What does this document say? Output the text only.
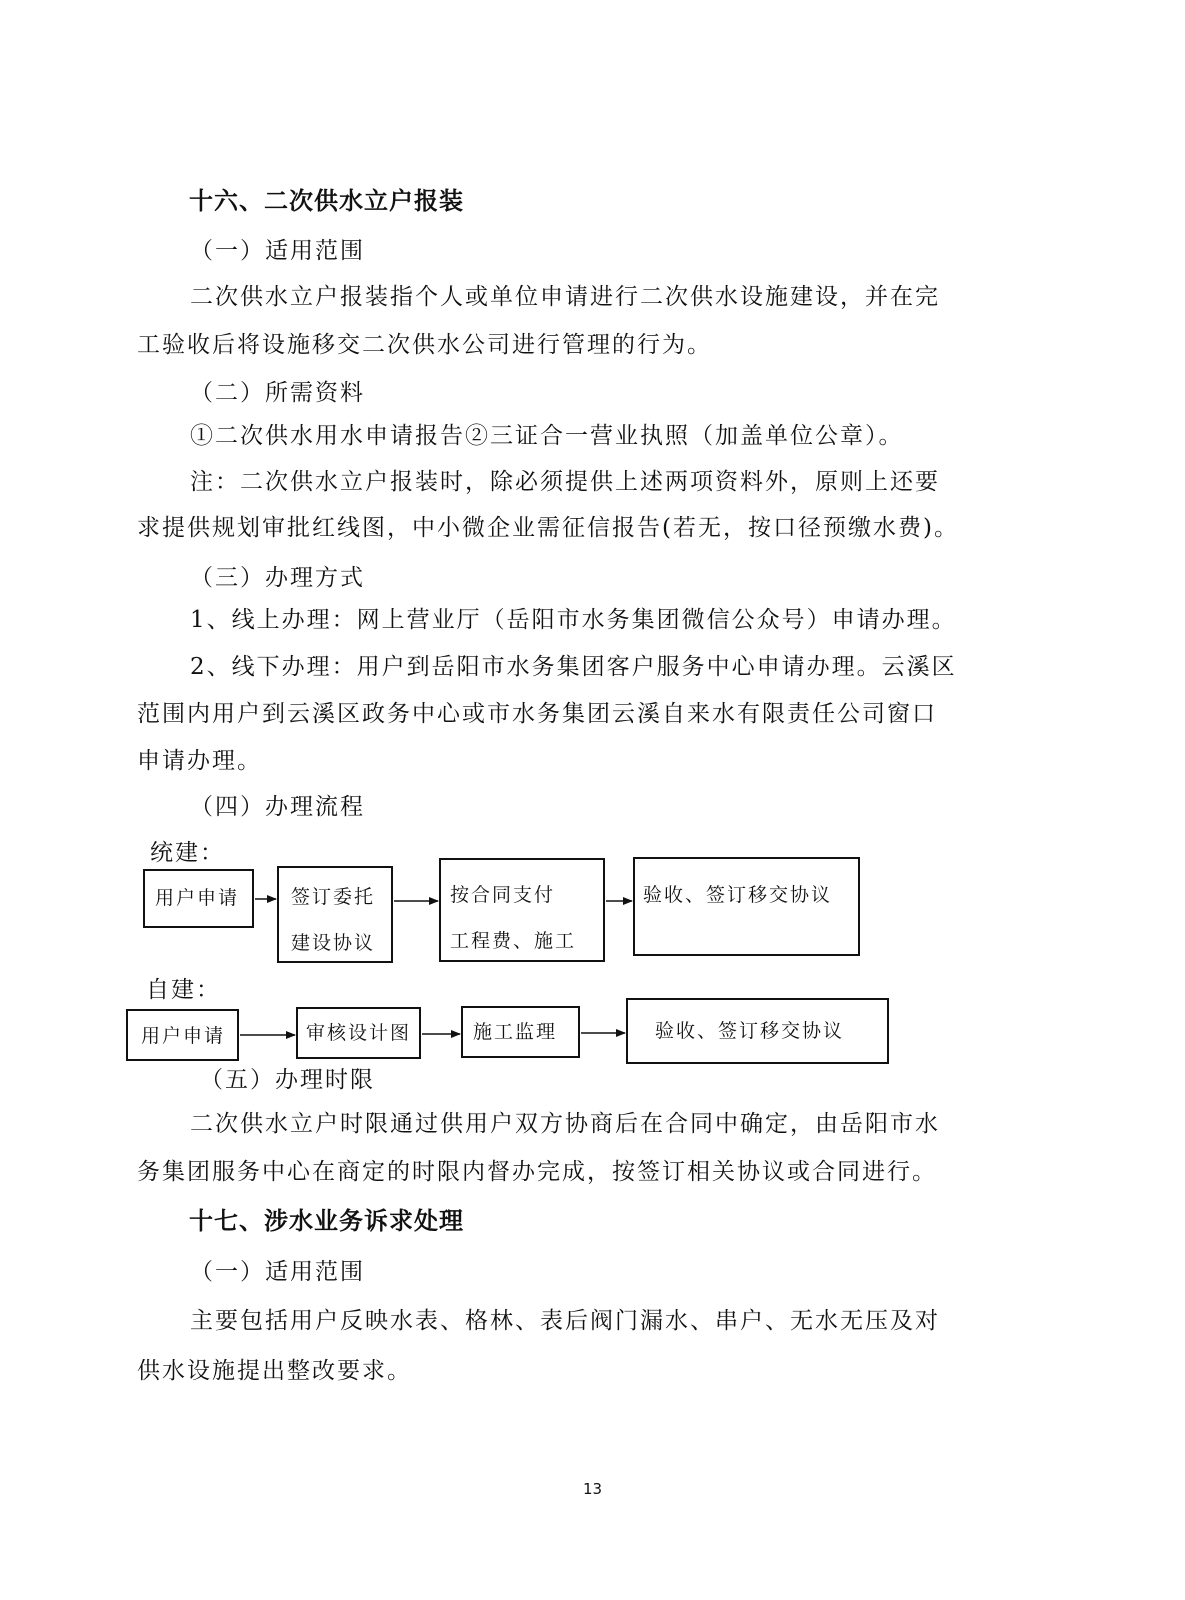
十六、二次供水立户报装
（一）适用范围
二次供水立户报装指个人或单位申请进行二次供水设施建设，并在完
工验收后将设施移交二次供水公司进行管理的行为。
（二）所需资料
①二次供水用水申请报告②三证合一营业执照（加盖单位公章）。
注：二次供水立户报装时，除必须提供上述两项资料外，原则上还要
求提供规划审批红线图，中小微企业需征信报告(若无，按口径预缴水费)。
（三）办理方式
1、线上办理：网上营业厅（岳阳市水务集团微信公众号）申请办理。
2、线下办理：用户到岳阳市水务集团客户服务中心申请办理。云溪区
范围内用户到云溪区政务中心或市水务集团云溪自来水有限责任公司窗口
申请办理。
（四）办理流程
统建：
用户申请	签订委托
建设协议
按合同支付
工程费、施工
验收、签订移交协议
自建：
用户申请	审核设计图	施工监理	验收、签订移交协议
（五）办理时限
二次供水立户时限通过供用户双方协商后在合同中确定，由岳阳市水
务集团服务中心在商定的时限内督办完成，按签订相关协议或合同进行。
十七、涉水业务诉求处理
（一）适用范围
主要包括用户反映水表、格林、表后阀门漏水、串户、无水无压及对
供水设施提出整改要求。
13
